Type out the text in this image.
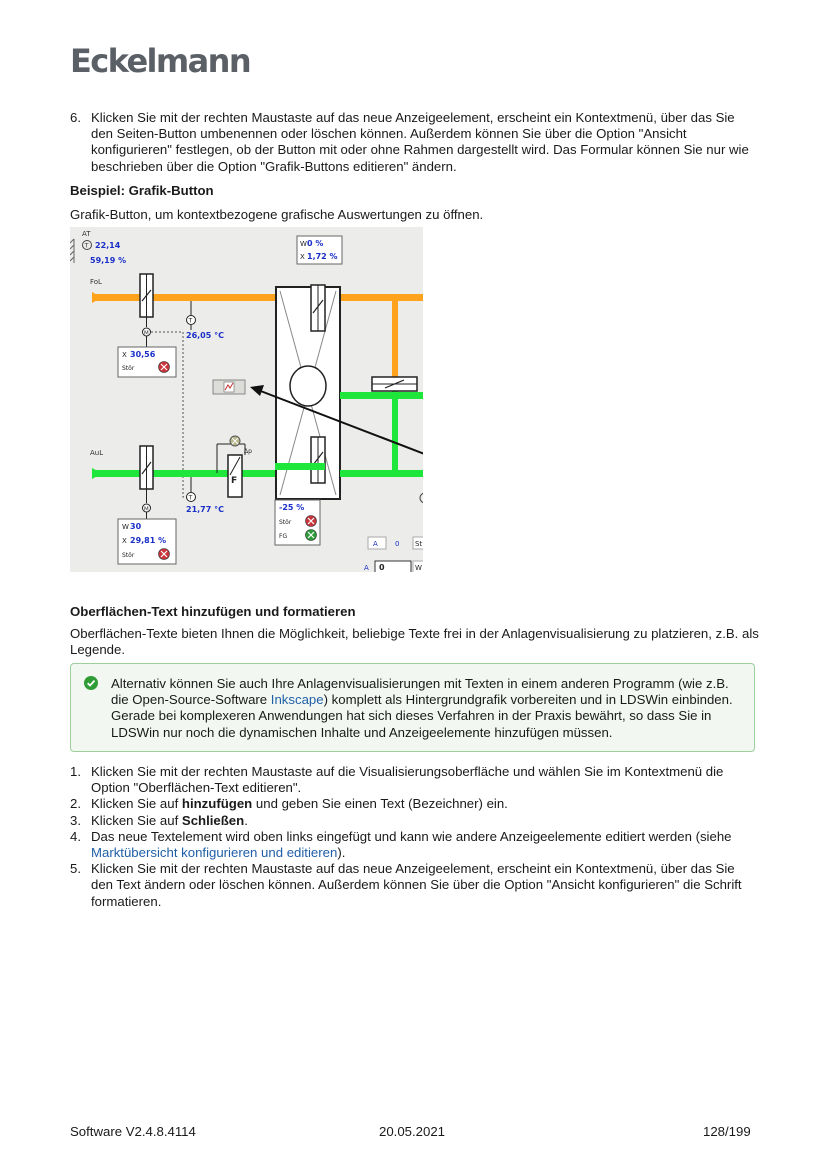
Eckelmann
6. Klicken Sie mit der rechten Maustaste auf das neue Anzeigeelement, erscheint ein Kontextmenü, über das Sie den Seiten-Button umbenennen oder löschen können. Außerdem können Sie über die Option "Ansicht konfigurieren" festlegen, ob der Button mit oder ohne Rahmen dargestellt wird. Das Formular können Sie nur wie beschrieben über die Option "Grafik-Buttons editieren" ändern.

Beispiel: Grafik-Button

Grafik-Button, um kontextbezogene grafische Auswertungen zu öffnen.

AT
T 22,14
59,19 %
FoL
M
T
26,05 °C
X 30,56
Stör
W 0 %
X 1,72 %
AuL
M
Δp
F
T
21,77 °C
W 30
X 29,81 %
Stör
-25 %
Stör
FG
A 0 St
A 0	W

Oberflächen-Text hinzufügen und formatieren

Oberflächen-Texte bieten Ihnen die Möglichkeit, beliebige Texte frei in der Anlagenvisualisierung zu platzieren, z.B. als Legende.

Alternativ können Sie auch Ihre Anlagenvisualisierungen mit Texten in einem anderen Programm (wie z.B. die Open-Source-Software Inkscape) komplett als Hintergrundgrafik vorbereiten und in LDSWin einbinden. Gerade bei komplexeren Anwendungen hat sich dieses Verfahren in der Praxis bewährt, so dass Sie in LDSWin nur noch die dynamischen Inhalte und Anzeigeelemente hinzufügen müssen.
1. Klicken Sie mit der rechten Maustaste auf die Visualisierungsoberfläche und wählen Sie im Kontextmenü die Option "Oberflächen-Text editieren".
2. Klicken Sie auf hinzufügen und geben Sie einen Text (Bezeichner) ein.
3. Klicken Sie auf Schließen.
4. Das neue Textelement wird oben links eingefügt und kann wie andere Anzeigeelemente editiert werden (siehe Marktübersicht konfigurieren und editieren).
5. Klicken Sie mit der rechten Maustaste auf das neue Anzeigeelement, erscheint ein Kontextmenü, über das Sie den Text ändern oder löschen können. Außerdem können Sie über die Option "Ansicht konfigurieren" die Schrift formatieren.
Software V2.4.8.4114	20.05.2021	128/199
